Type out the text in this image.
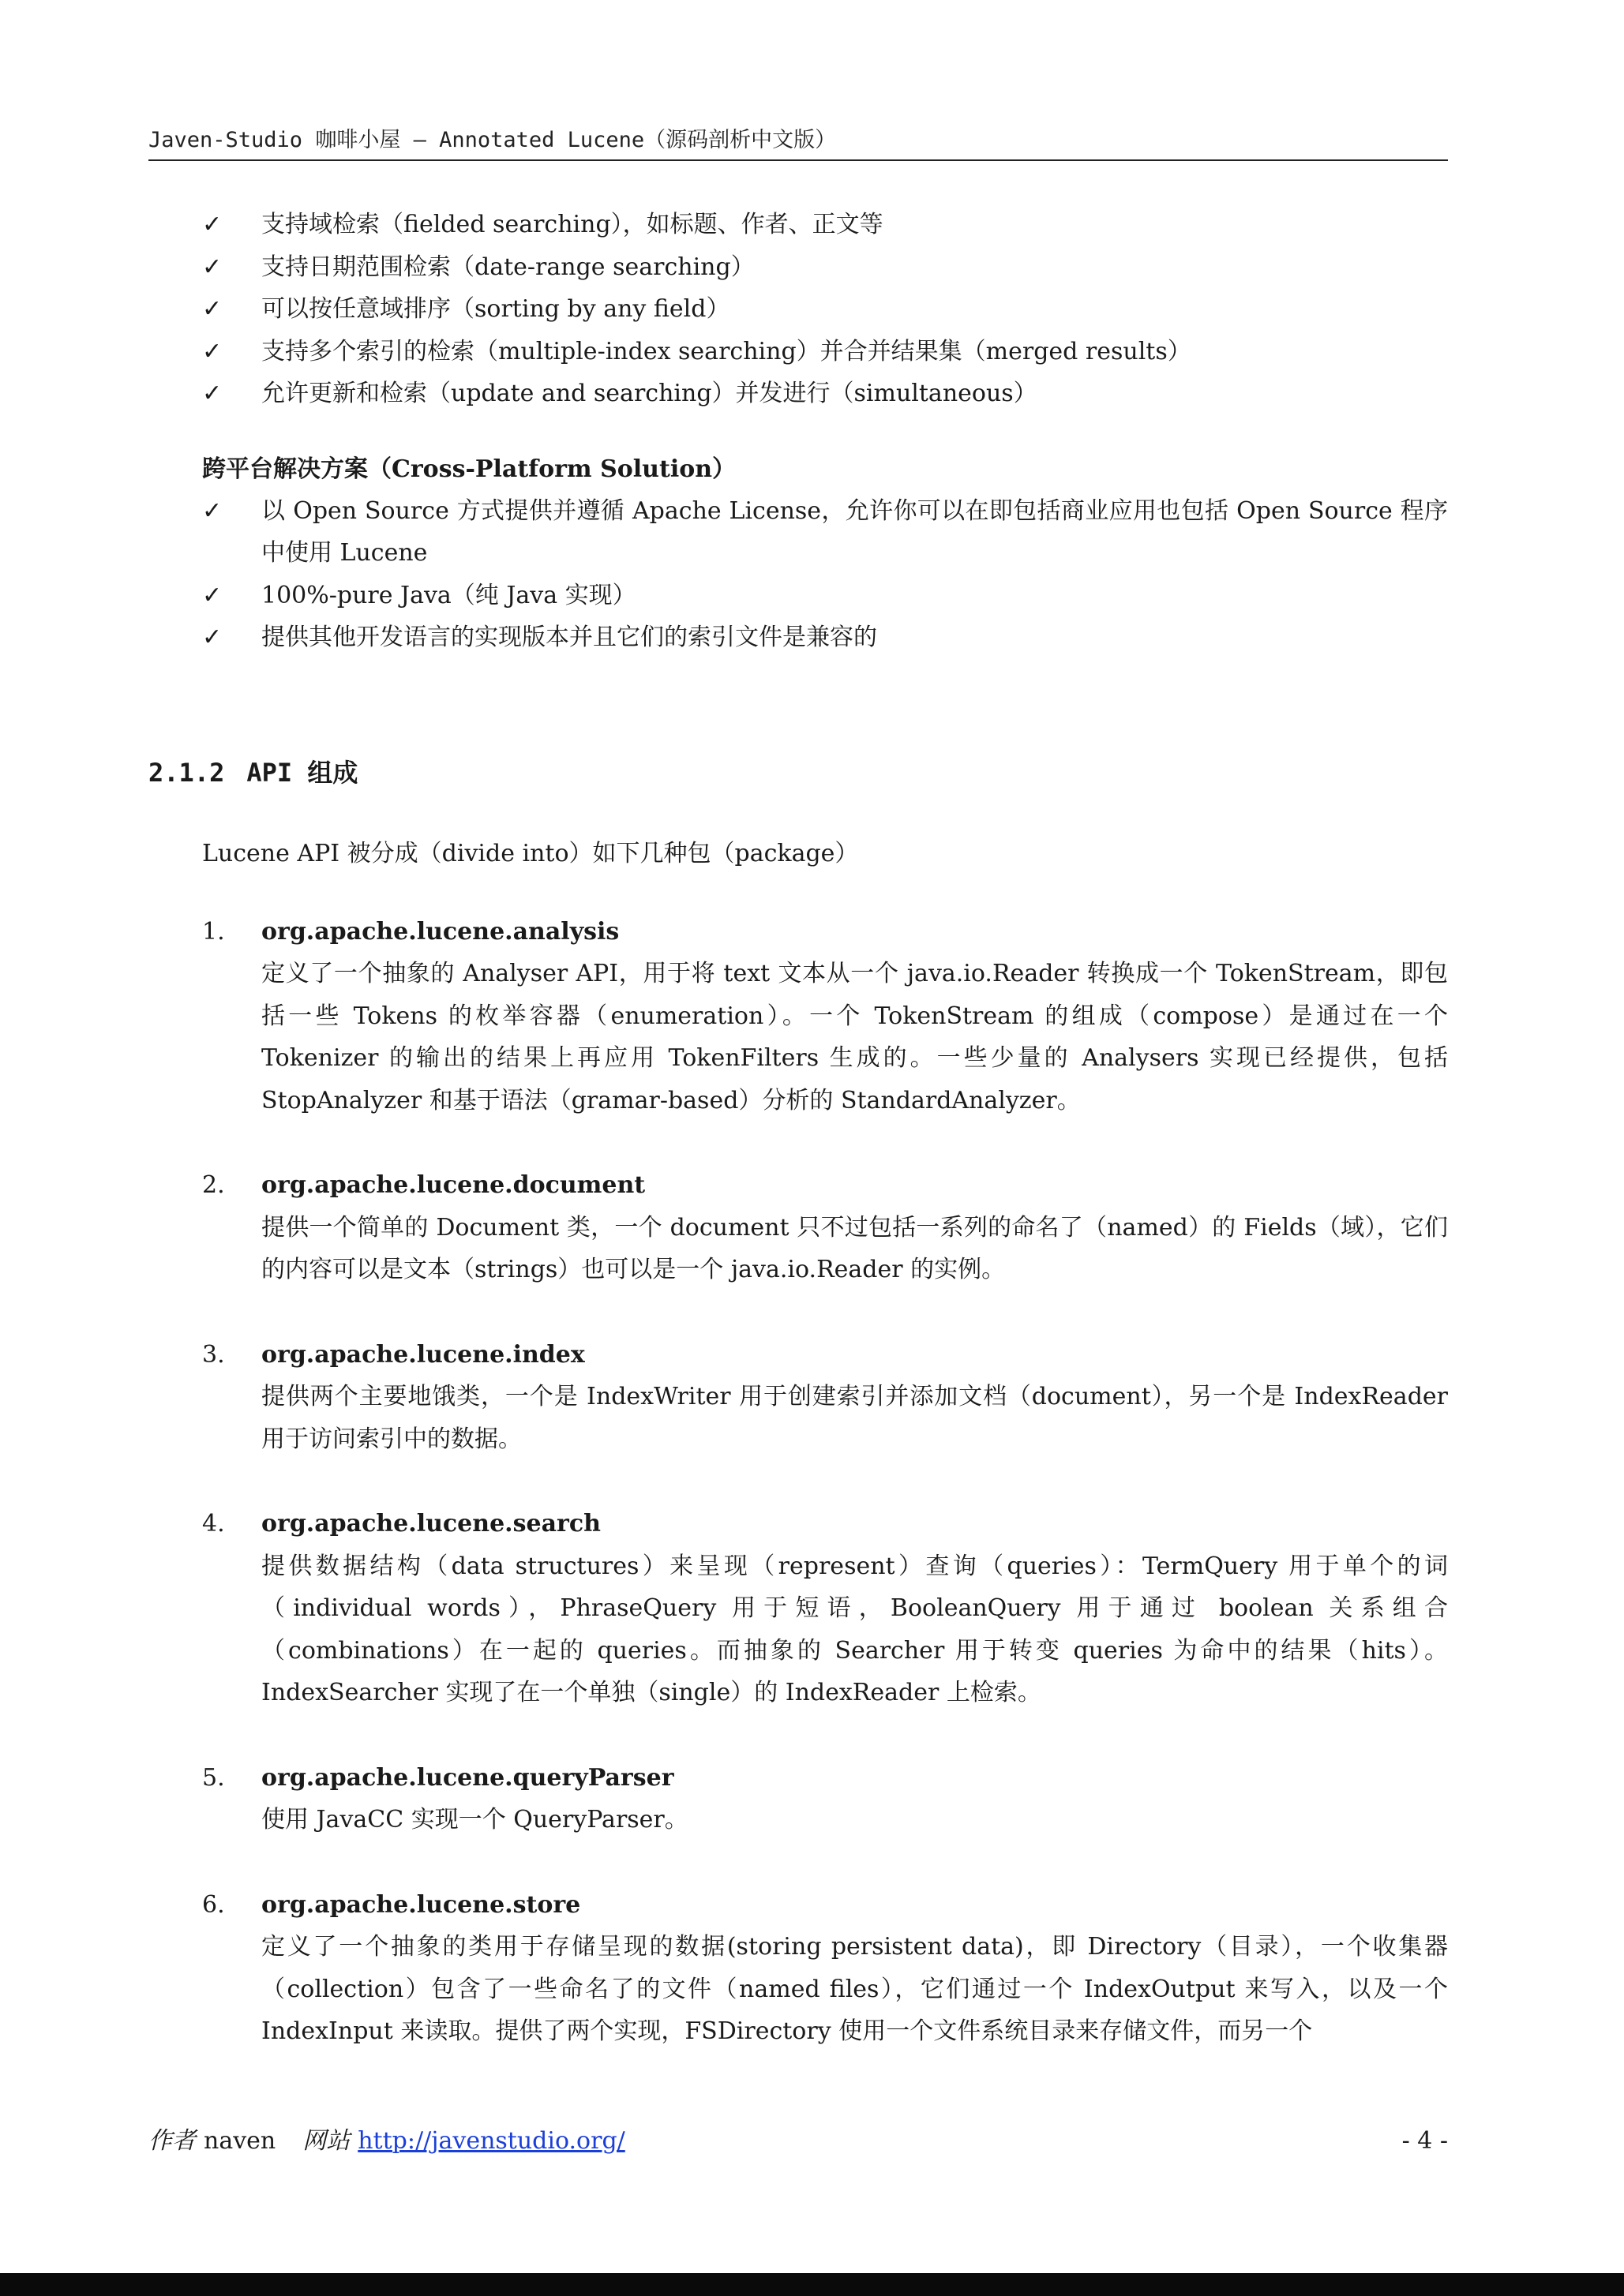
Javen-Studio 咖啡小屋 – Annotated Lucene（源码剖析中文版）
✓ 支持域检索（fielded searching），如标题、作者、正文等
✓ 支持日期范围检索（date-range searching）
✓ 可以按任意域排序（sorting by any field）
✓ 支持多个索引的检索（multiple-index searching）并合并结果集（merged results）
✓ 允许更新和检索（update and searching）并发进行（simultaneous）
跨平台解决方案（Cross-Platform Solution）
✓ 以 Open Source 方式提供并遵循 Apache License，允许你可以在即包括商业应用也包括 Open Source 程序中使用 Lucene
✓ 100%-pure Java（纯 Java 实现）
✓ 提供其他开发语言的实现版本并且它们的索引文件是兼容的
2.1.2 API 组成
Lucene API 被分成（divide into）如下几种包（package）
1. org.apache.lucene.analysis
定义了一个抽象的 Analyser API，用于将 text 文本从一个 java.io.Reader 转换成一个 TokenStream，即包括一些 Tokens 的枚举容器（enumeration）。一个 TokenStream 的组成（compose）是通过在一个 Tokenizer 的输出的结果上再应用 TokenFilters 生成的。一些少量的 Analysers 实现已经提供，包括 StopAnalyzer 和基于语法（gramar-based）分析的 StandardAnalyzer。
2. org.apache.lucene.document
提供一个简单的 Document 类，一个 document 只不过包括一系列的命名了（named）的 Fields（域），它们的内容可以是文本（strings）也可以是一个 java.io.Reader 的实例。
3. org.apache.lucene.index
提供两个主要地饿类，一个是 IndexWriter 用于创建索引并添加文档（document），另一个是 IndexReader 用于访问索引中的数据。
4. org.apache.lucene.search
提供数据结构（data structures）来呈现（represent）查询（queries）：TermQuery 用于单个的词（individual words），PhraseQuery 用于短语，BooleanQuery 用于通过 boolean 关系组合（combinations）在一起的 queries。而抽象的 Searcher 用于转变 queries 为命中的结果（hits）。IndexSearcher 实现了在一个单独（single）的 IndexReader 上检索。
5. org.apache.lucene.queryParser
使用 JavaCC 实现一个 QueryParser。
6. org.apache.lucene.store
定义了一个抽象的类用于存储呈现的数据(storing persistent data)，即 Directory（目录），一个收集器（collection）包含了一些命名了的文件（named files），它们通过一个 IndexOutput 来写入，以及一个 IndexInput 来读取。提供了两个实现，FSDirectory 使用一个文件系统目录来存储文件，而另一个
作者 naven 网站 http://javenstudio.org/	- 4 -
